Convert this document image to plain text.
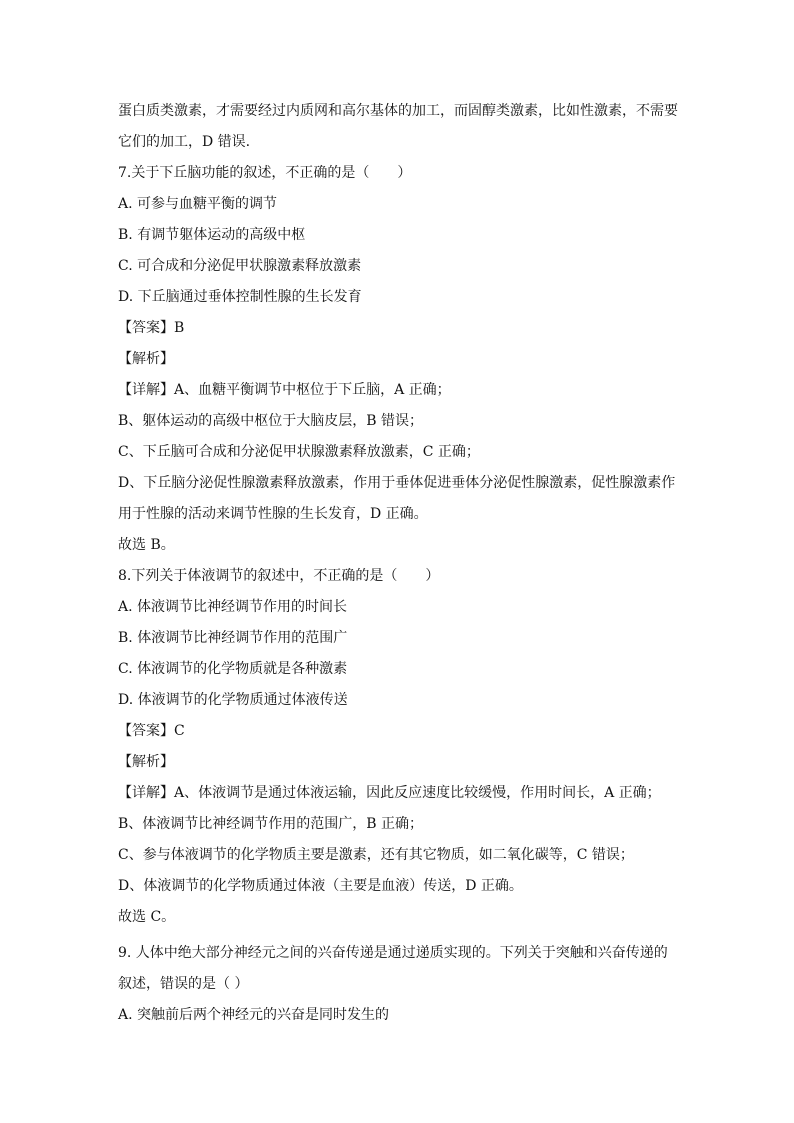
蛋白质类激素，才需要经过内质网和高尔基体的加工，而固醇类激素，比如性激素，不需要
它们的加工，D 错误.
7.关于下丘脑功能的叙述，不正确的是（　　）
A. 可参与血糖平衡的调节
B. 有调节躯体运动的高级中枢
C. 可合成和分泌促甲状腺激素释放激素
D. 下丘脑通过垂体控制性腺的生长发育
【答案】B
【解析】
【详解】A、血糖平衡调节中枢位于下丘脑，A 正确；
B、躯体运动的高级中枢位于大脑皮层，B 错误；
C、下丘脑可合成和分泌促甲状腺激素释放激素，C 正确；
D、下丘脑分泌促性腺激素释放激素，作用于垂体促进垂体分泌促性腺激素，促性腺激素作
用于性腺的活动来调节性腺的生长发育，D 正确。
故选 B。
8.下列关于体液调节的叙述中，不正确的是（　　）
A. 体液调节比神经调节作用的时间长
B. 体液调节比神经调节作用的范围广
C. 体液调节的化学物质就是各种激素
D. 体液调节的化学物质通过体液传送
【答案】C
【解析】
【详解】A、体液调节是通过体液运输，因此反应速度比较缓慢，作用时间长，A 正确；
B、体液调节比神经调节作用的范围广，B 正确；
C、参与体液调节的化学物质主要是激素，还有其它物质，如二氧化碳等，C 错误；
D、体液调节的化学物质通过体液（主要是血液）传送，D 正确。
故选 C。
9. 人体中绝大部分神经元之间的兴奋传递是通过递质实现的。下列关于突触和兴奋传递的
叙述，错误的是（ ）
A. 突触前后两个神经元的兴奋是同时发生的
